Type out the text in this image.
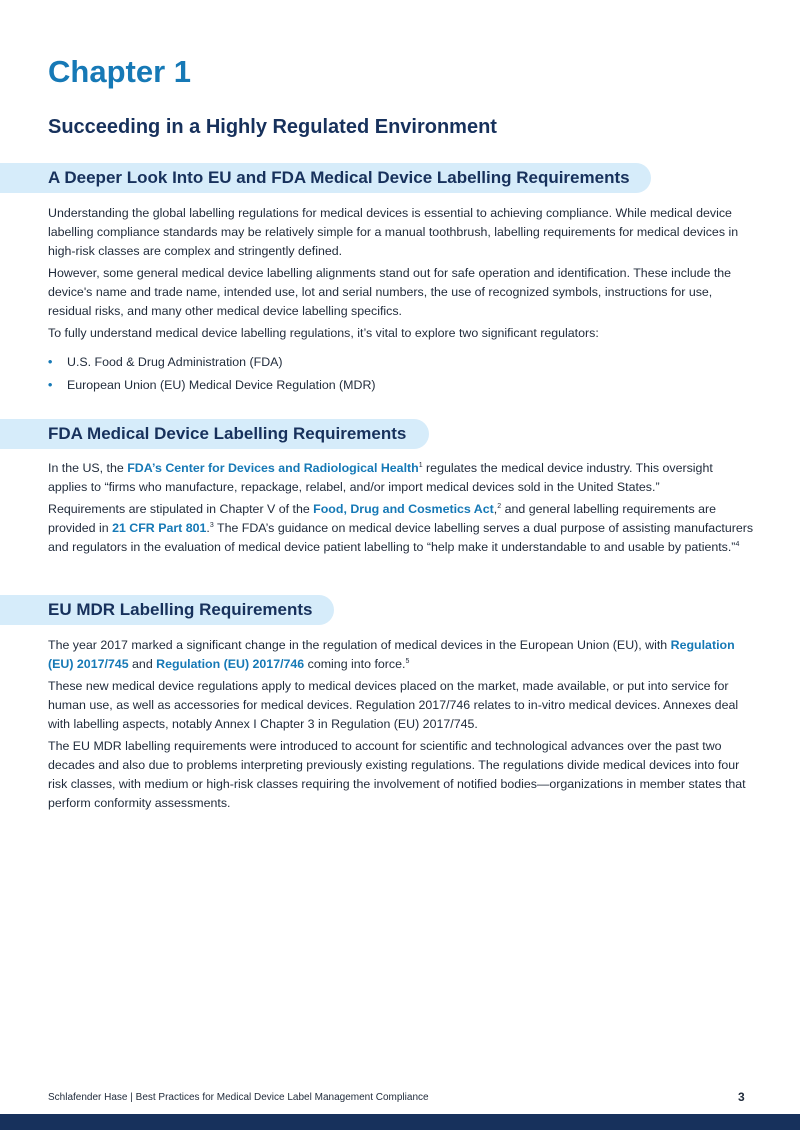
Chapter 1
Succeeding in a Highly Regulated Environment
A Deeper Look Into EU and FDA Medical Device Labelling Requirements

Understanding the global labelling regulations for medical devices is essential to achieving compliance. While medical device labelling compliance standards may be relatively simple for a manual toothbrush, labelling requirements for medical devices in high-risk classes are complex and stringently defined.

However, some general medical device labelling alignments stand out for safe operation and identification. These include the device's name and trade name, intended use, lot and serial numbers, the use of recognized symbols, instructions for use, residual risks, and many other medical device labelling specifics.

To fully understand medical device labelling regulations, it’s vital to explore two significant regulators:

• U.S. Food & Drug Administration (FDA)
• European Union (EU) Medical Device Regulation (MDR)
FDA Medical Device Labelling Requirements

In the US, the FDA’s Center for Devices and Radiological Health$^1$ regulates the medical device industry. This oversight applies to “firms who manufacture, repackage, relabel, and/or import medical devices sold in the United States.”

Requirements are stipulated in Chapter V of the Food, Drug and Cosmetics Act,$^2$ and general labelling requirements are provided in 21 CFR Part 801.$^3$ The FDA’s guidance on medical device labelling serves a dual purpose of assisting manufacturers and regulators in the evaluation of medical device patient labelling to “help make it understandable to and usable by patients.”$^4$

EU MDR Labelling Requirements

The year 2017 marked a significant change in the regulation of medical devices in the European Union (EU), with Regulation (EU) 2017/745 and Regulation (EU) 2017/746 coming into force.$^5$

These new medical device regulations apply to medical devices placed on the market, made available, or put into service for human use, as well as accessories for medical devices. Regulation 2017/746 relates to in-vitro medical devices. Annexes deal with labelling aspects, notably Annex I Chapter 3 in Regulation (EU) 2017/745.

The EU MDR labelling requirements were introduced to account for scientific and technological advances over the past two decades and also due to problems interpreting previously existing regulations. The regulations divide medical devices into four risk classes, with medium or high-risk classes requiring the involvement of notified bodies—organizations in member states that perform conformity assessments.

Schlafender Hase | Best Practices for Medical Device Label Management Compliance	3
